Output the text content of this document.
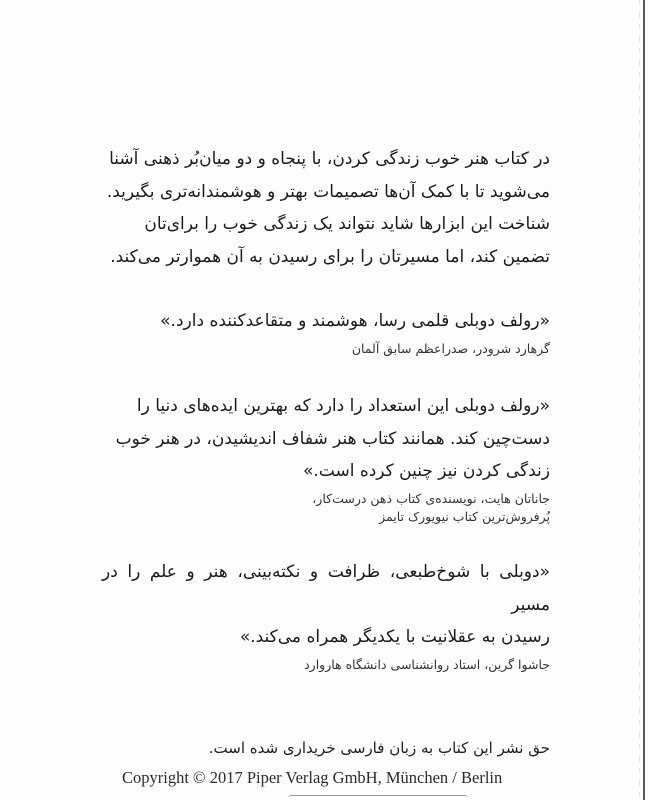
در کتاب هنر خوب زندگی کردن، با پنجاه و دو میان‌بُر ذهنی آشنا

می‌شوید تا با کمک آن‌ها تصمیمات بهتر و هوشمندانه‌تری بگیرید.

شناخت این ابزارها شاید نتواند یک زندگی خوب را برای‌تان

تضمین کند، اما مسیرتان را برای رسیدن به آن هموارتر می‌کند.

«رولف دوبلی قلمی رسا، هوشمند و متقاعدکننده دارد.»

گرهارد شرودر، صدراعظم سابق آلمان

«رولف دوبلی این استعداد را دارد که بهترین ایده‌های دنیا را

دست‌چین کند. همانند کتاب هنر شفاف اندیشیدن، در هنر خوب

زندگی کردن نیز چنین کرده است.»

جاناتان هایت، نویسنده‌ی کتاب ذهن درست‌کار،

پُرفروش‌ترین کتاب نیویورک تایمز

«دوبلی با شوخ‌طبعی، ظرافت و نکته‌بینی، هنر و علم را در مسیر

رسیدن به عقلانیت با یکدیگر همراه می‌کند.»

جاشوا گرین، استاد روانشناسی دانشگاه هاروارد

حق نشر این کتاب به زبان فارسی خریداری شده است.
Copyright © 2017 Piper Verlag GmbH, München / Berlin
